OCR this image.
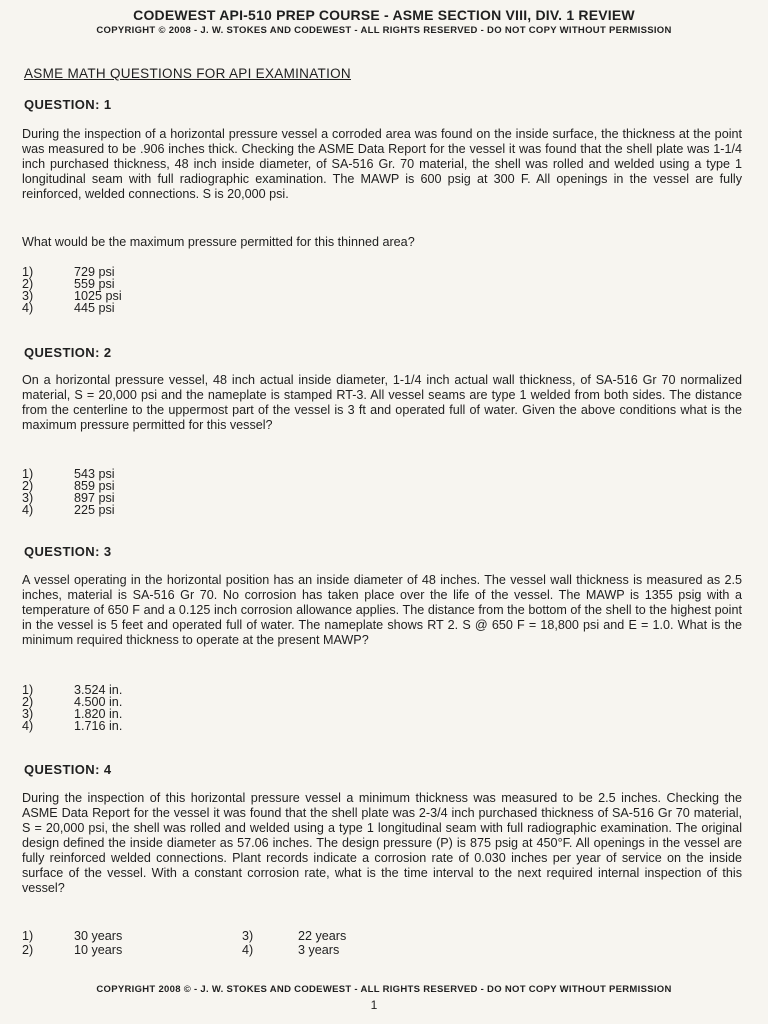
CODEWEST API-510 PREP COURSE - ASME SECTION VIII, DIV. 1 REVIEW
COPYRIGHT © 2008 - J. W. STOKES AND CODEWEST - ALL RIGHTS RESERVED - DO NOT COPY WITHOUT PERMISSION
ASME MATH QUESTIONS FOR API EXAMINATION
QUESTION: 1
During the inspection of a horizontal pressure vessel a corroded area was found on the inside surface, the thickness at the point was measured to be .906 inches thick. Checking the ASME Data Report for the vessel it was found that the shell plate was 1-1/4 inch purchased thickness, 48 inch inside diameter, of SA-516 Gr. 70 material, the shell was rolled and welded using a type 1 longitudinal seam with full radiographic examination. The MAWP is 600 psig at 300 F. All openings in the vessel are fully reinforced, welded connections. S is 20,000 psi.
What would be the maximum pressure permitted for this thinned area?
1)	729 psi
2)	559 psi
3)	1025 psi
4)	445 psi
QUESTION: 2
On a horizontal pressure vessel, 48 inch actual inside diameter, 1-1/4 inch actual wall thickness, of SA-516 Gr 70 normalized material, S = 20,000 psi and the nameplate is stamped RT-3. All vessel seams are type 1 welded from both sides. The distance from the centerline to the uppermost part of the vessel is 3 ft and operated full of water. Given the above conditions what is the maximum pressure permitted for this vessel?
1)	543 psi
2)	859 psi
3)	897 psi
4)	225 psi
QUESTION: 3
A vessel operating in the horizontal position has an inside diameter of 48 inches. The vessel wall thickness is measured as 2.5 inches, material is SA-516 Gr 70. No corrosion has taken place over the life of the vessel. The MAWP is 1355 psig with a temperature of 650 F and a 0.125 inch corrosion allowance applies. The distance from the bottom of the shell to the highest point in the vessel is 5 feet and operated full of water. The nameplate shows RT 2. S @ 650 F = 18,800 psi and E = 1.0. What is the minimum required thickness to operate at the present MAWP?
1)	3.524 in.
2)	4.500 in.
3)	1.820 in.
4)	1.716 in.
QUESTION: 4
During the inspection of this horizontal pressure vessel a minimum thickness was measured to be 2.5 inches. Checking the ASME Data Report for the vessel it was found that the shell plate was 2-3/4 inch purchased thickness of SA-516 Gr 70 material, S = 20,000 psi, the shell was rolled and welded using a type 1 longitudinal seam with full radiographic examination. The original design defined the inside diameter as 57.06 inches. The design pressure (P) is 875 psig at 450°F. All openings in the vessel are fully reinforced welded connections. Plant records indicate a corrosion rate of 0.030 inches per year of service on the inside surface of the vessel. With a constant corrosion rate, what is the time interval to the next required internal inspection of this vessel?
1)	30 years	3)	22 years
2)	10 years	4)	3 years
COPYRIGHT 2008 © - J. W. STOKES AND CODEWEST - ALL RIGHTS RESERVED - DO NOT COPY WITHOUT PERMISSION
1
